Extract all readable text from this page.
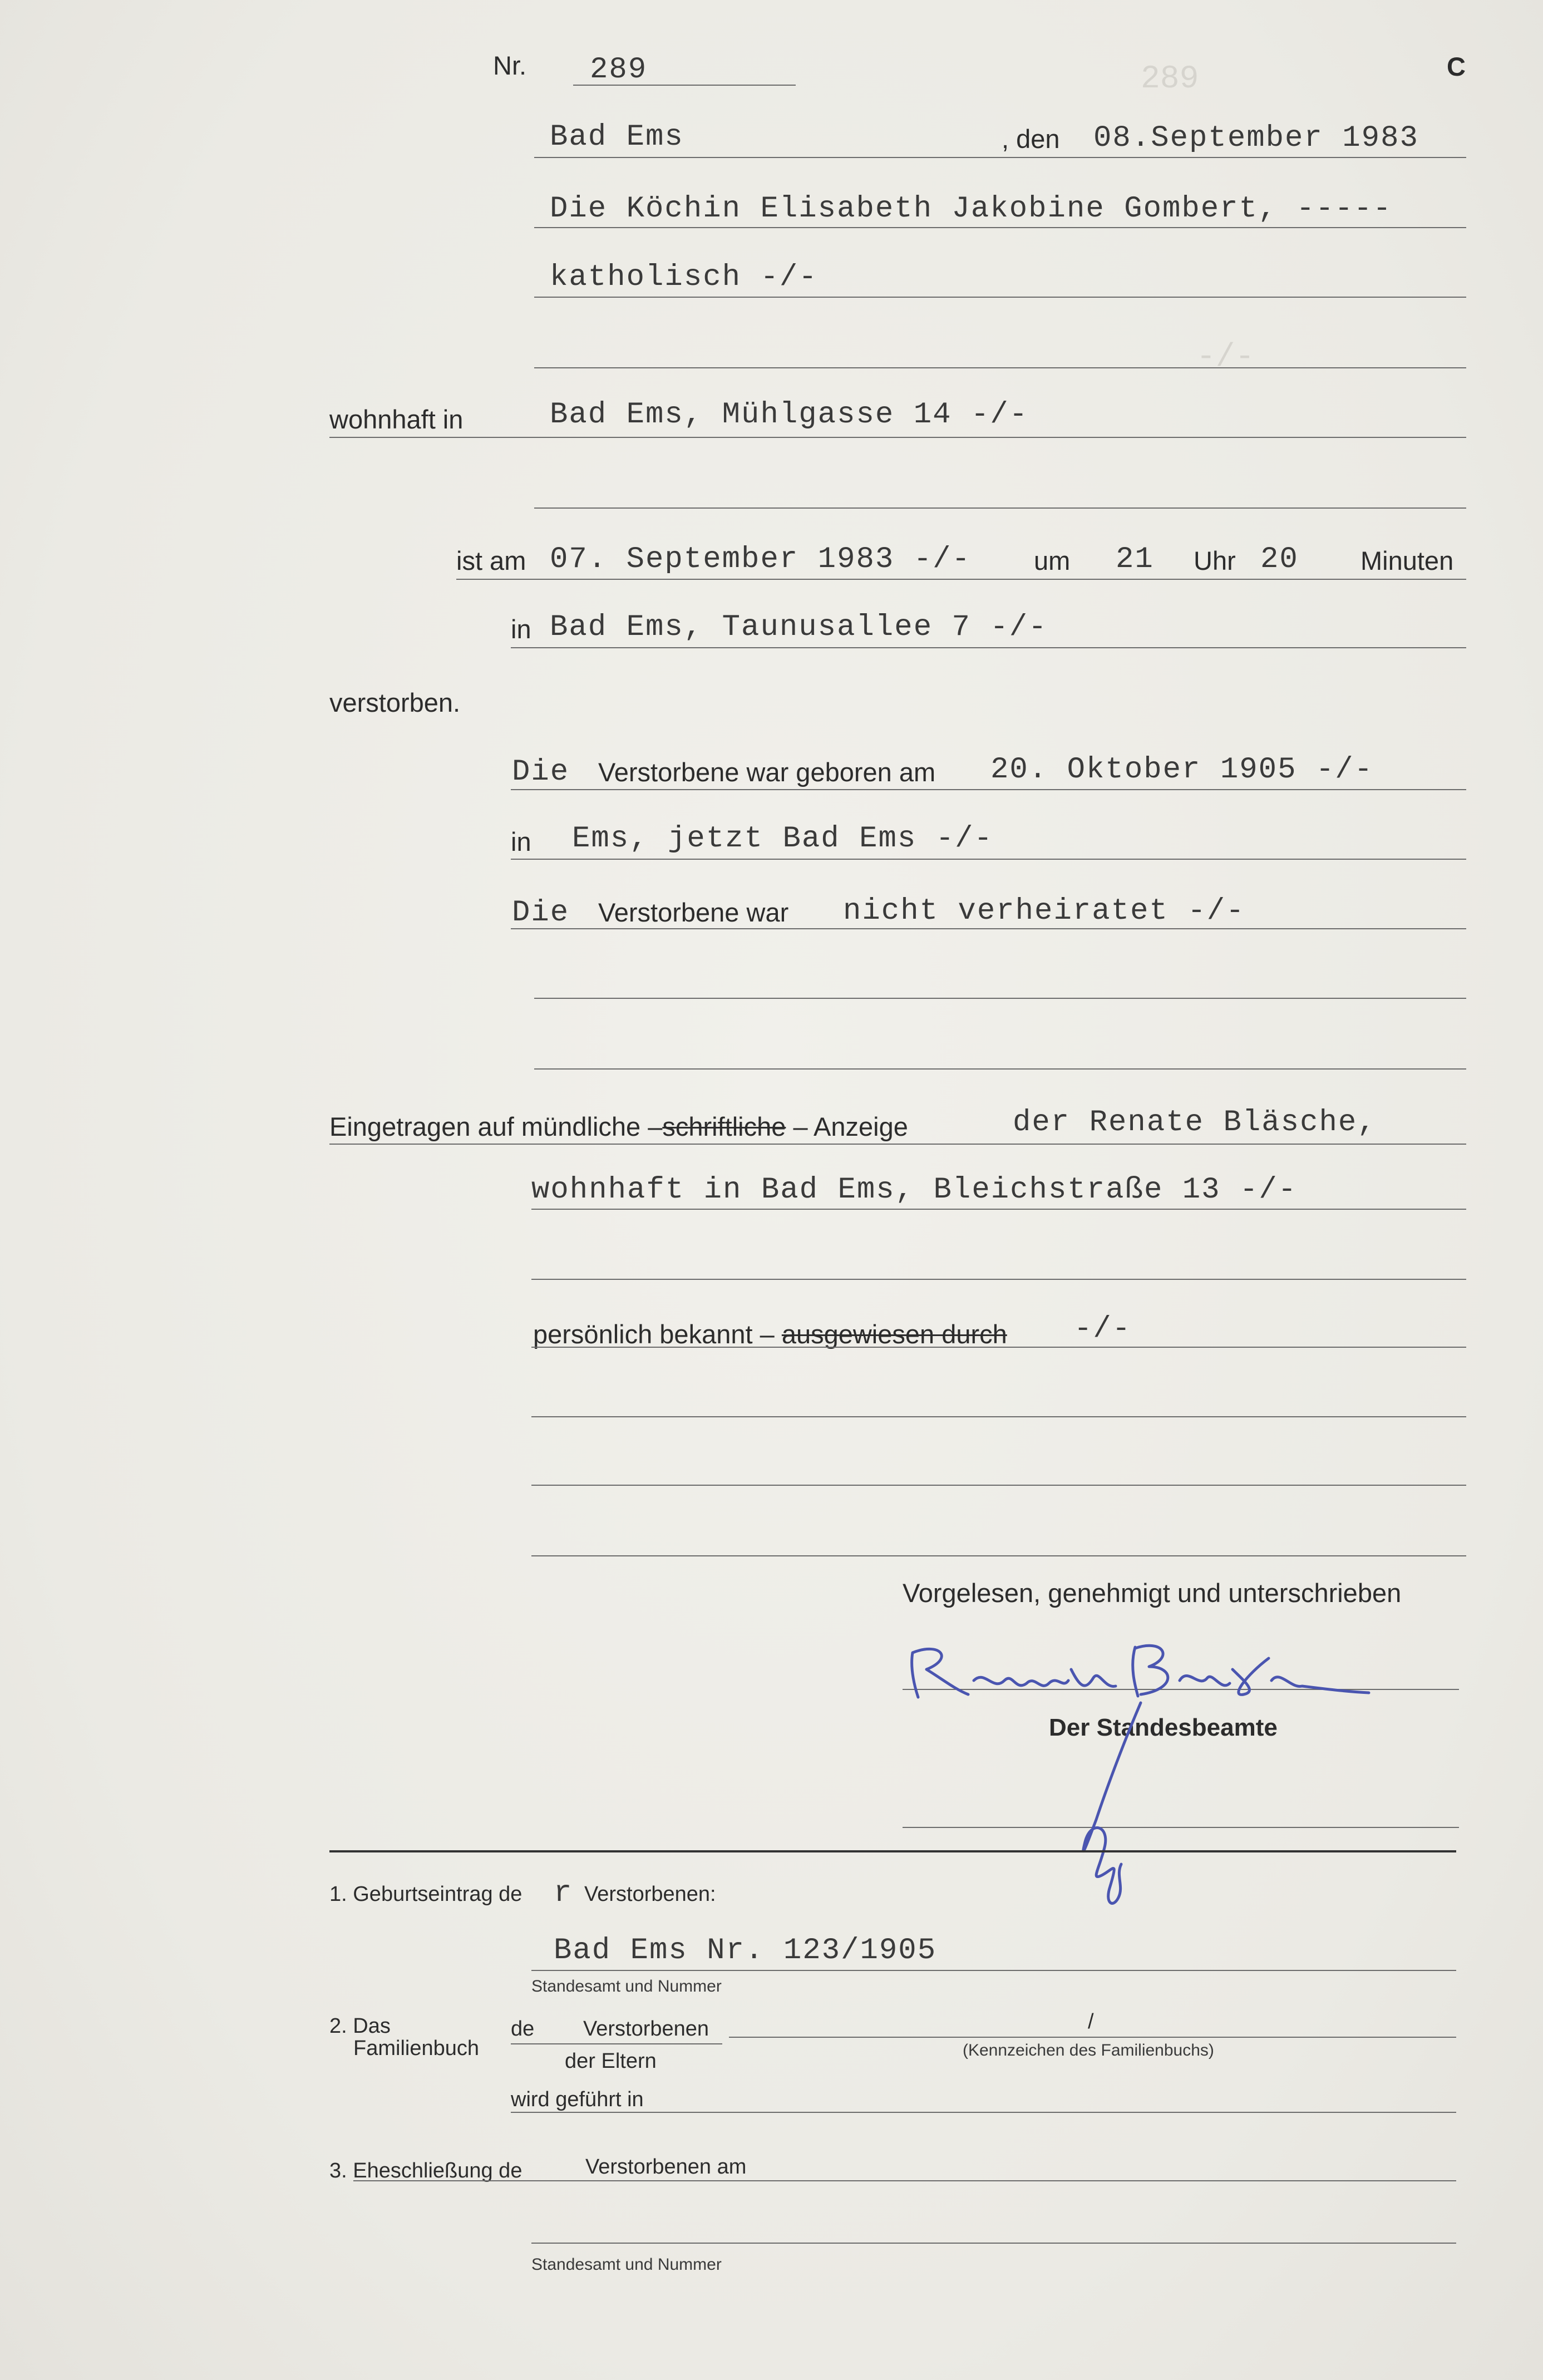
289
-/-
Nr. 289	C
Bad Ems	, den 08.September 1983
Die Köchin Elisabeth Jakobine Gombert, -----
katholisch -/-
wohnhaft in	Bad Ems, Mühlgasse 14 -/-
ist am 07. September 1983 -/- um 21 Uhr 20 Minuten
in Bad Ems, Taunusallee 7 -/-
verstorben.
Die Verstorbene war geboren am 20. Oktober 1905 -/-
in Ems, jetzt Bad Ems -/-
Die Verstorbene war nicht verheiratet -/-
Eingetragen auf mündliche –schriftliche – Anzeige	der Renate Bläsche,
wohnhaft in Bad Ems, Bleichstraße 13 -/-
persönlich bekannt – ausgewiesen durch -/-
Vorgelesen, genehmigt und unterschrieben
Der Standesbeamte
1. Geburtseintrag de r Verstorbenen:
Bad Ems Nr. 123/1905
Standesamt und Nummer
2. Das
Familienbuch
de Verstorbenen	/
der Eltern	(Kennzeichen des Familienbuchs)
wird geführt in
3. Eheschließung de	Verstorbenen am
Standesamt und Nummer
